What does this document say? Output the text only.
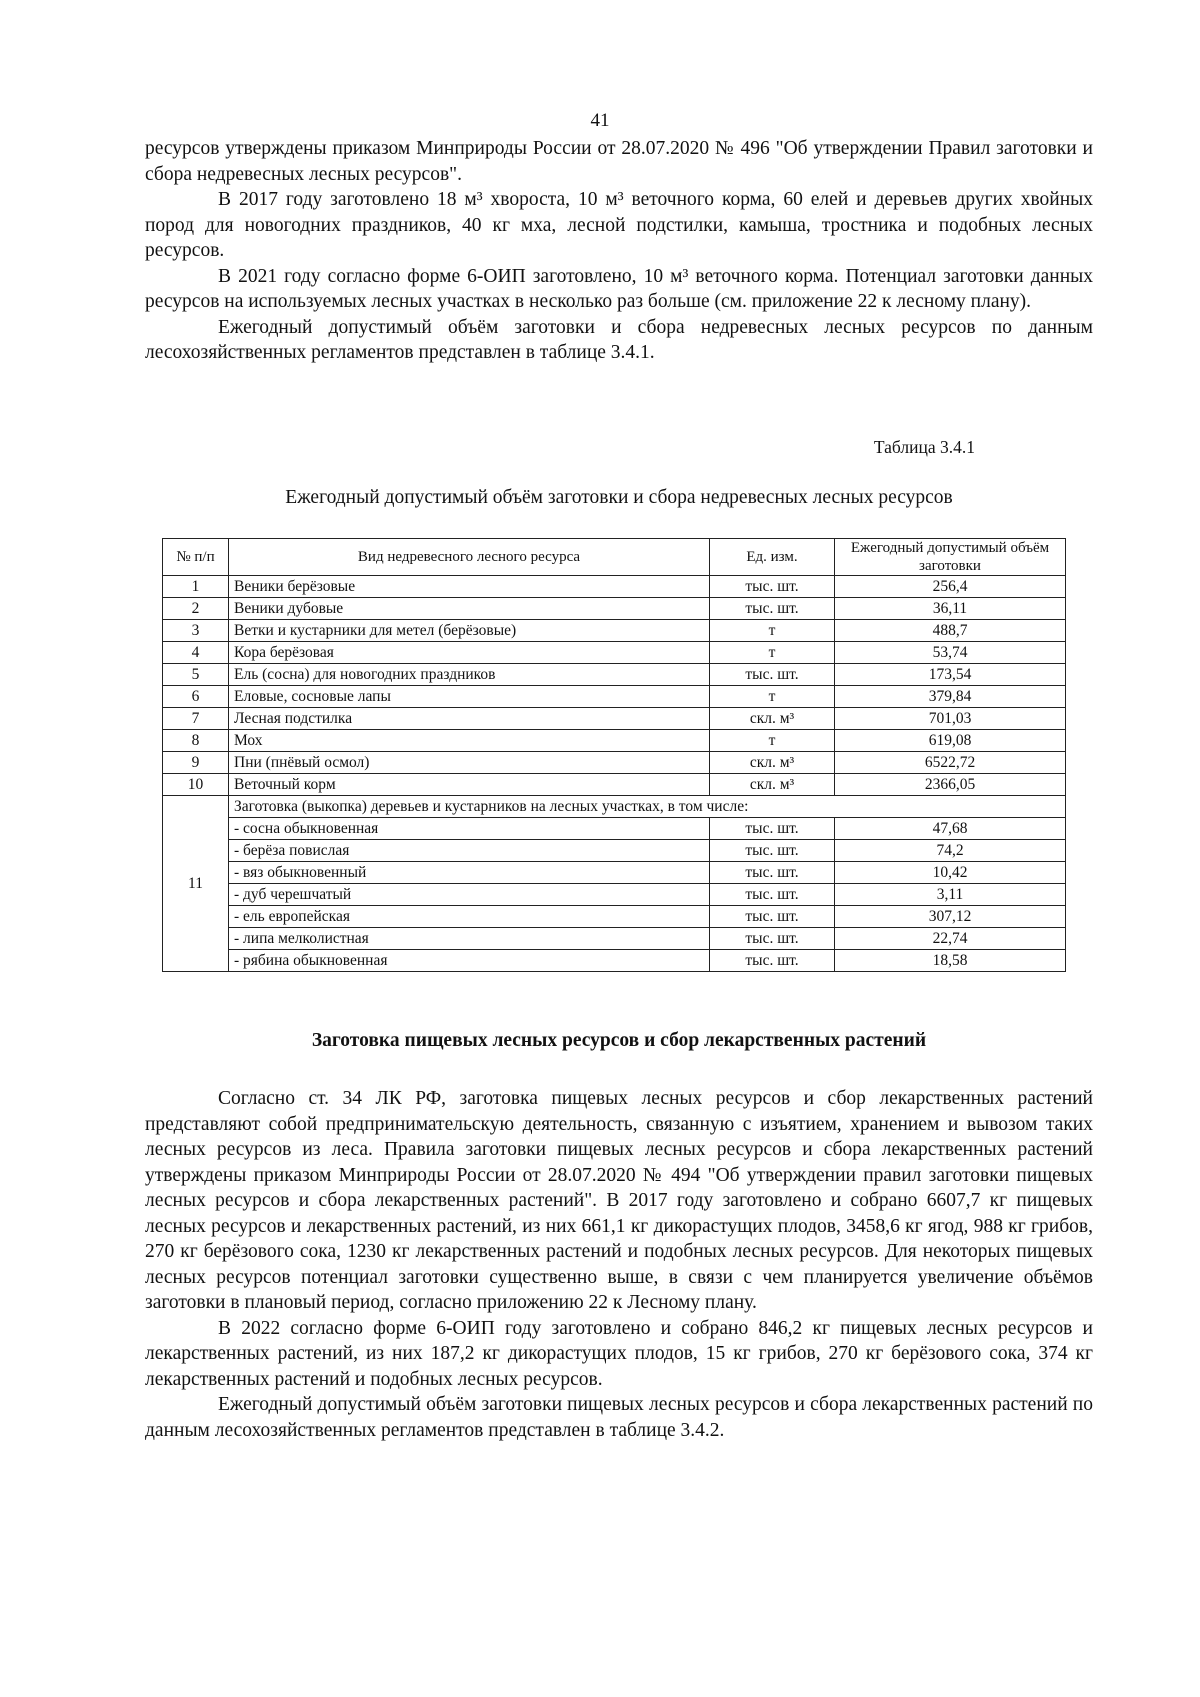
41

ресурсов утверждены приказом Минприроды России от 28.07.2020 № 496 "Об утверждении Правил заготовки и сбора недревесных лесных ресурсов".

В 2017 году заготовлено 18 м³ хвороста, 10 м³ веточного корма, 60 елей и деревьев других хвойных пород для новогодних праздников, 40 кг мха, лесной подстилки, камыша, тростника и подобных лесных ресурсов.

В 2021 году согласно форме 6-ОИП заготовлено, 10 м³ веточного корма. Потенциал заготовки данных ресурсов на используемых лесных участках в несколько раз больше (см. приложение 22 к лесному плану).

Ежегодный допустимый объём заготовки и сбора недревесных лесных ресурсов по данным лесохозяйственных регламентов представлен в таблице 3.4.1.

Таблица 3.4.1
Ежегодный допустимый объём заготовки и сбора недревесных лесных ресурсов
№ п/п	Вид недревесного лесного ресурса	Ед. изм.	Ежегодный допустимый объём заготовки
1	Веники берёзовые	тыс. шт.	256,4
2	Веники дубовые	тыс. шт.	36,11
3	Ветки и кустарники для метел (берёзовые)	т	488,7
4	Кора берёзовая	т	53,74
5	Ель (сосна) для новогодних праздников	тыс. шт.	173,54
6	Еловые, сосновые лапы	т	379,84
7	Лесная подстилка	скл. м³	701,03
8	Мох	т	619,08
9	Пни (пнёвый осмол)	скл. м³	6522,72
10	Веточный корм	скл. м³	2366,05
11	Заготовка (выкопка) деревьев и кустарников на лесных участках, в том числе:		
	- сосна обыкновенная	тыс. шт.	47,68
	- берёза повислая	тыс. шт.	74,2
	- вяз обыкновенный	тыс. шт.	10,42
	- дуб черешчатый	тыс. шт.	3,11
	- ель европейская	тыс. шт.	307,12
	- липа мелколистная	тыс. шт.	22,74
	- рябина обыкновенная	тыс. шт.	18,58
Заготовка пищевых лесных ресурсов и сбор лекарственных растений

Согласно ст. 34 ЛК РФ, заготовка пищевых лесных ресурсов и сбор лекарственных растений представляют собой предпринимательскую деятельность, связанную с изъятием, хранением и вывозом таких лесных ресурсов из леса. Правила заготовки пищевых лесных ресурсов и сбора лекарственных растений утверждены приказом Минприроды России от 28.07.2020 № 494 "Об утверждении правил заготовки пищевых лесных ресурсов и сбора лекарственных растений". В 2017 году заготовлено и собрано 6607,7 кг пищевых лесных ресурсов и лекарственных растений, из них 661,1 кг дикорастущих плодов, 3458,6 кг ягод, 988 кг грибов, 270 кг берёзового сока, 1230 кг лекарственных растений и подобных лесных ресурсов. Для некоторых пищевых лесных ресурсов потенциал заготовки существенно выше, в связи с чем планируется увеличение объёмов заготовки в плановый период, согласно приложению 22 к Лесному плану.

В 2022 согласно форме 6-ОИП году заготовлено и собрано 846,2 кг пищевых лесных ресурсов и лекарственных растений, из них 187,2 кг дикорастущих плодов, 15 кг грибов, 270 кг берёзового сока, 374 кг лекарственных растений и подобных лесных ресурсов.

Ежегодный допустимый объём заготовки пищевых лесных ресурсов и сбора лекарственных растений по данным лесохозяйственных регламентов представлен в таблице 3.4.2.
